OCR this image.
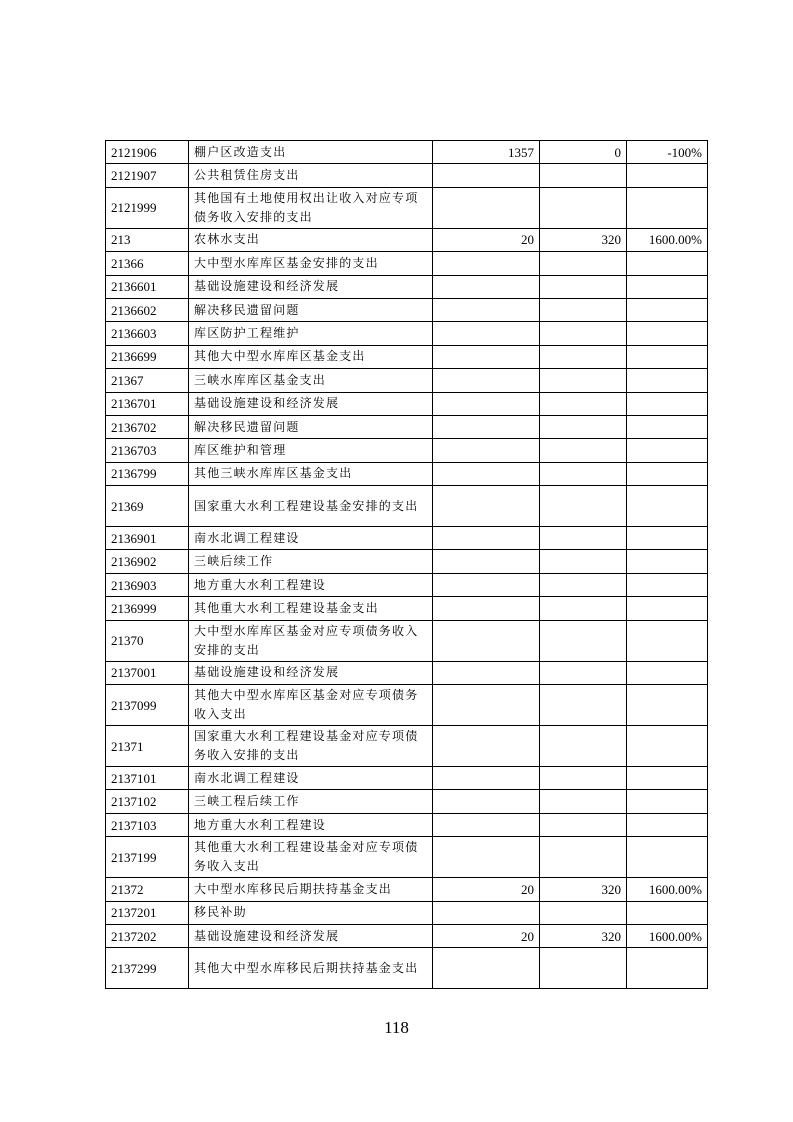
2121906	棚户区改造支出	1357	0	-100%
2121907	公共租赁住房支出			
2121999	其他国有土地使用权出让收入对应专项债务收入安排的支出			
213	农林水支出	20	320	1600.00%
21366	大中型水库库区基金安排的支出			
2136601	基础设施建设和经济发展			
2136602	解决移民遗留问题			
2136603	库区防护工程维护			
2136699	其他大中型水库库区基金支出			
21367	三峡水库库区基金支出			
2136701	基础设施建设和经济发展			
2136702	解决移民遗留问题			
2136703	库区维护和管理			
2136799	其他三峡水库库区基金支出			
21369	国家重大水利工程建设基金安排的支出			
2136901	南水北调工程建设			
2136902	三峡后续工作			
2136903	地方重大水利工程建设			
2136999	其他重大水利工程建设基金支出			
21370	大中型水库库区基金对应专项债务收入安排的支出			
2137001	基础设施建设和经济发展			
2137099	其他大中型水库库区基金对应专项债务收入支出			
21371	国家重大水利工程建设基金对应专项债务收入安排的支出			
2137101	南水北调工程建设			
2137102	三峡工程后续工作			
2137103	地方重大水利工程建设			
2137199	其他重大水利工程建设基金对应专项债务收入支出			
21372	大中型水库移民后期扶持基金支出	20	320	1600.00%
2137201	移民补助			
2137202	基础设施建设和经济发展	20	320	1600.00%
2137299	其他大中型水库移民后期扶持基金支出			
118
